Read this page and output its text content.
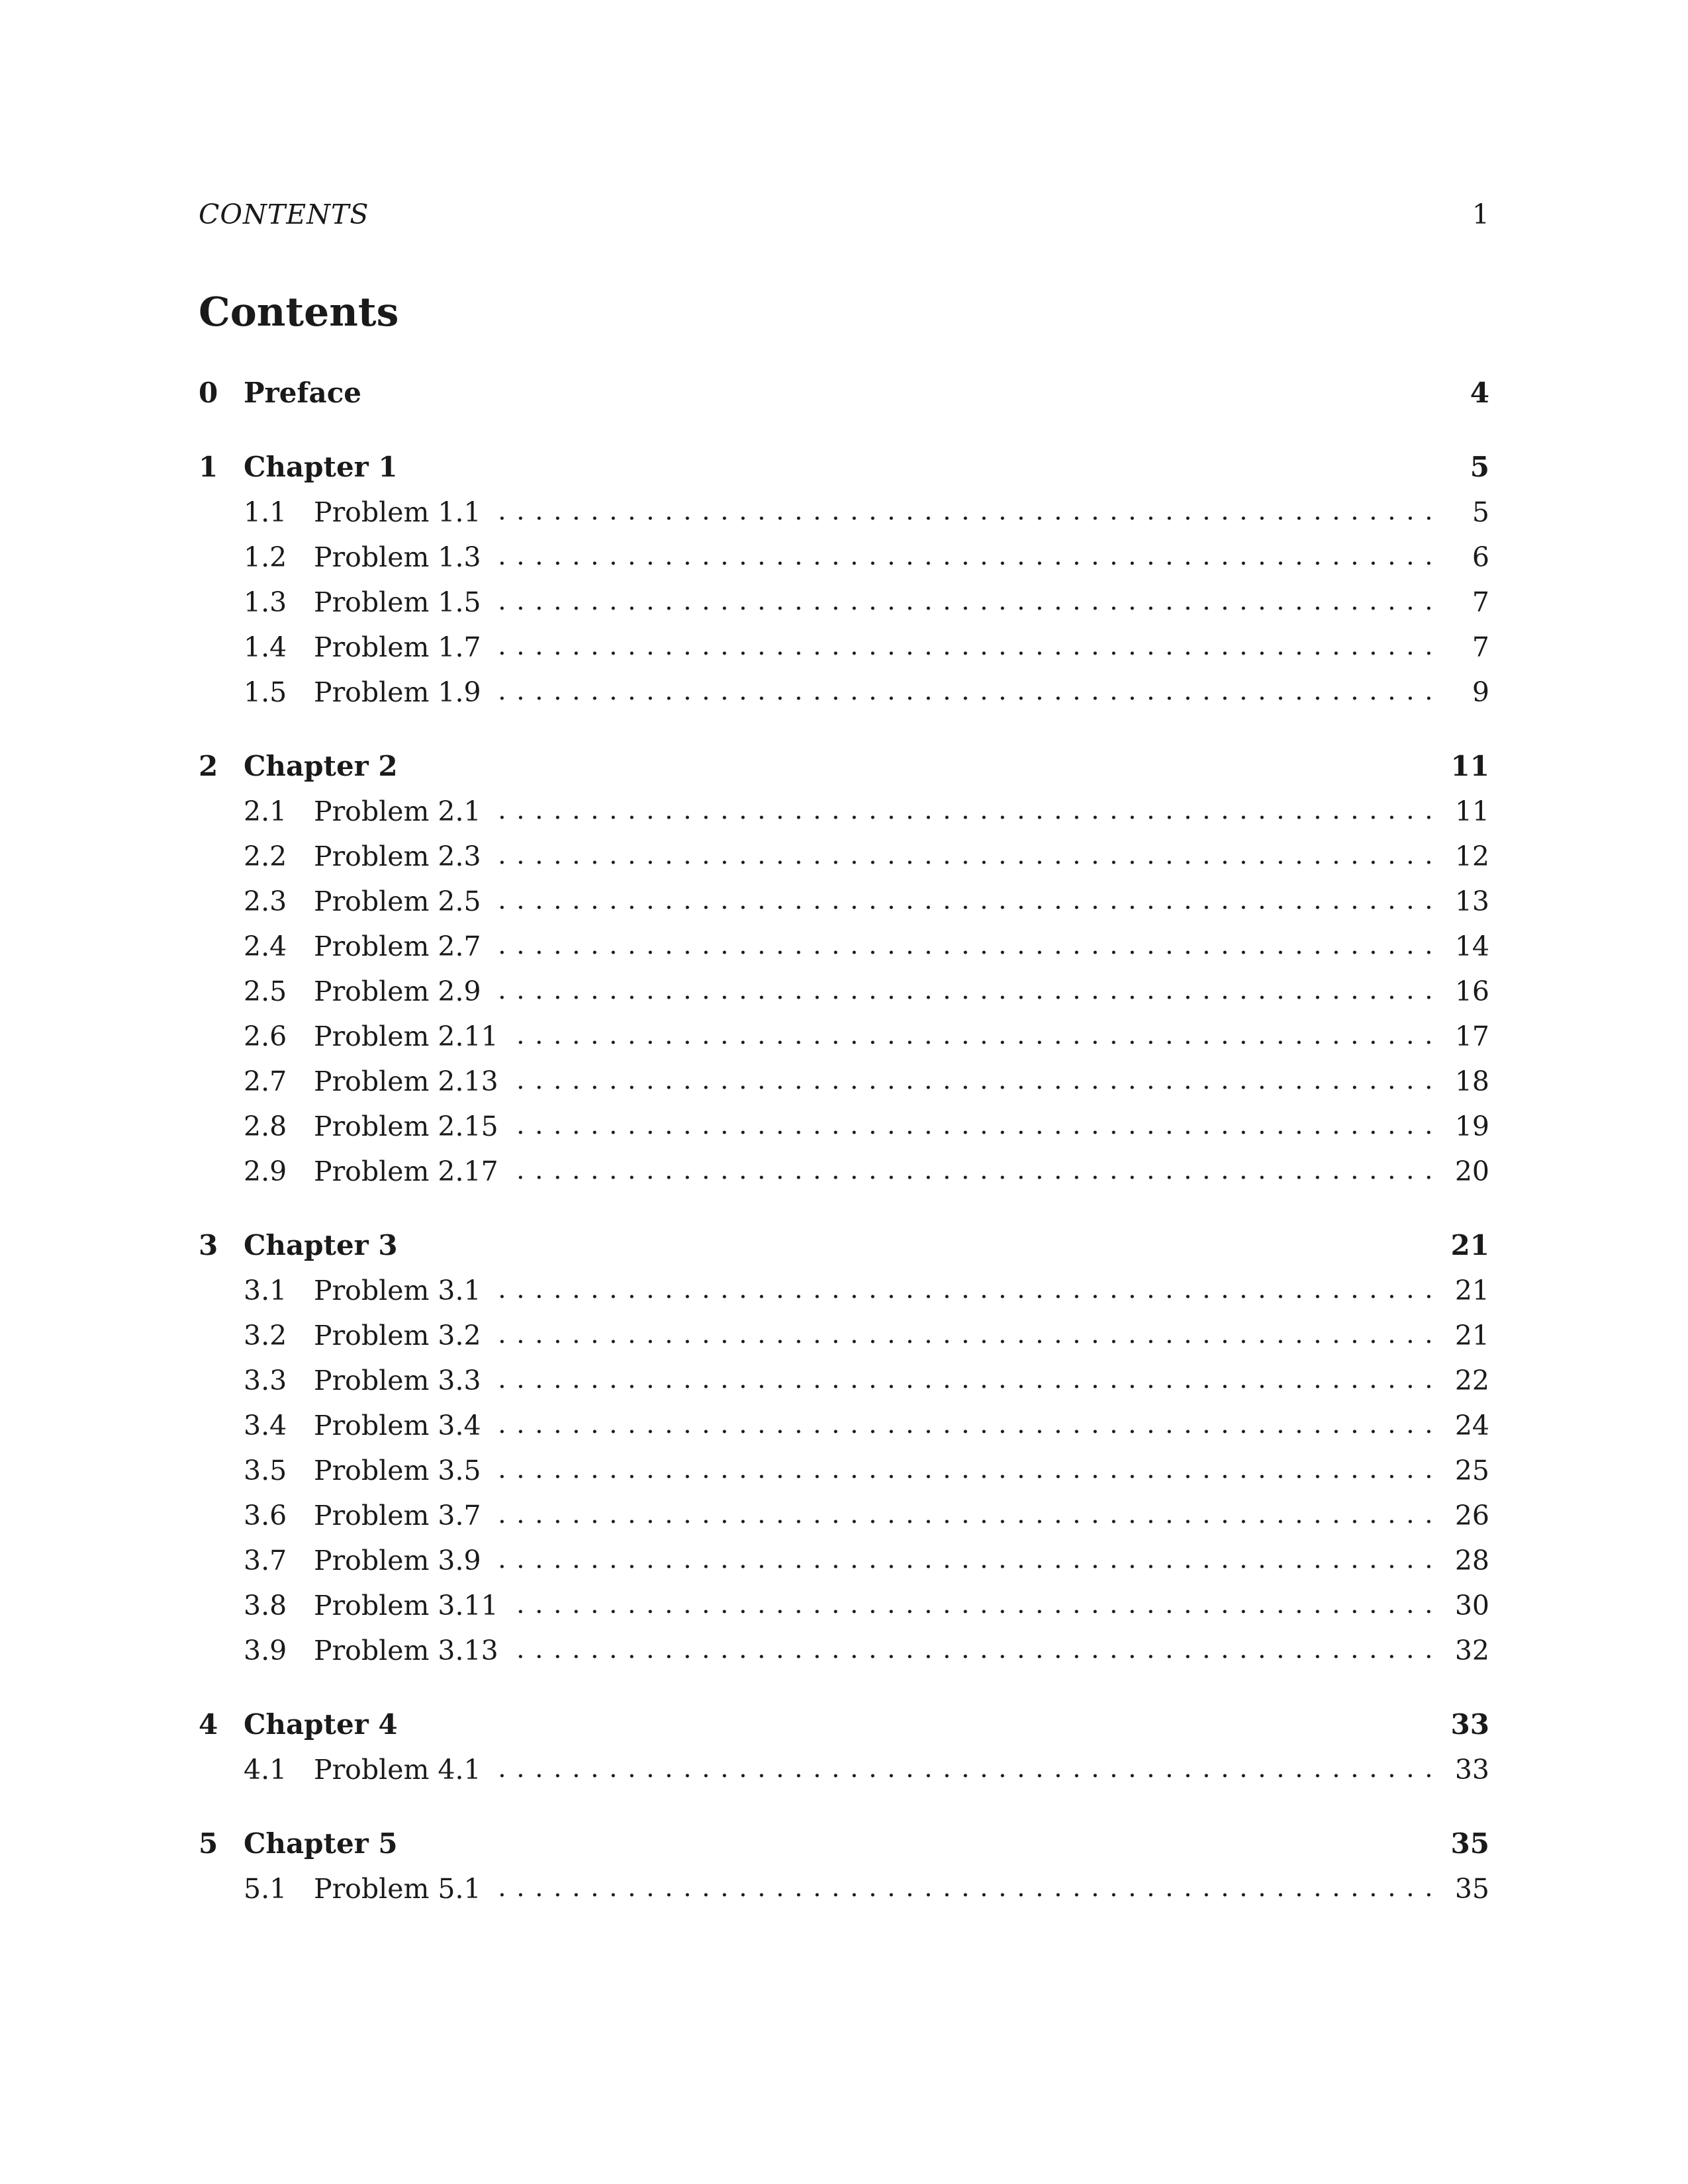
CONTENTS	1
Contents
0 Preface	4
1 Chapter 1	5
1.1 Problem 1.1	5
1.2 Problem 1.3	6
1.3 Problem 1.5	7
1.4 Problem 1.7	7
1.5 Problem 1.9	9
2 Chapter 2	11
2.1 Problem 2.1	11
2.2 Problem 2.3	12
2.3 Problem 2.5	13
2.4 Problem 2.7	14
2.5 Problem 2.9	16
2.6 Problem 2.11	17
2.7 Problem 2.13	18
2.8 Problem 2.15	19
2.9 Problem 2.17	20
3 Chapter 3	21
3.1 Problem 3.1	21
3.2 Problem 3.2	21
3.3 Problem 3.3	22
3.4 Problem 3.4	24
3.5 Problem 3.5	25
3.6 Problem 3.7	26
3.7 Problem 3.9	28
3.8 Problem 3.11	30
3.9 Problem 3.13	32
4 Chapter 4	33
4.1 Problem 4.1	33
5 Chapter 5	35
5.1 Problem 5.1	35
